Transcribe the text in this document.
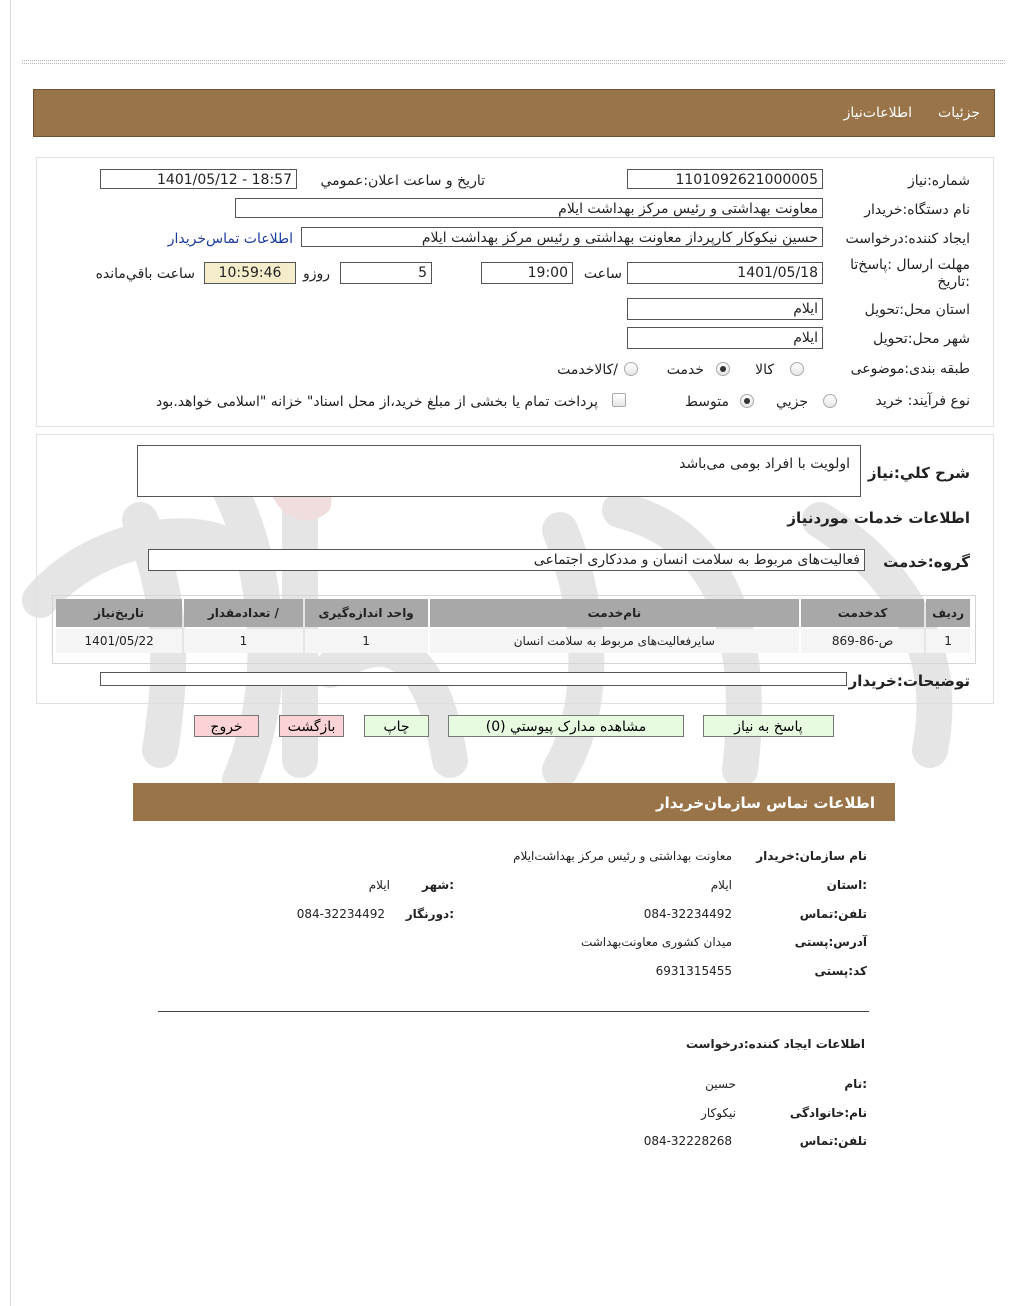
جزئیات
اطلاعات‌نیاز
شماره:نیاز
1101092621000005
تاریخ و ساعت اعلان:عمومي
1401/05/12 - 18:57
نام دستگاه:خريدار
معاونت بهداشتی و رئیس مرکز بهداشت ایلام
ايجاد کننده:درخواست
حسین نیکوکار کارپرداز معاونت بهداشتی و رئیس مرکز بهداشت ایلام
اطلاعات تماس‌خريدار
مهلت ارسال :پاسخ‌تا
:تاريخ
1401/05/18
ساعت
19:00
5
روزو
10:59:46
ساعت باقي‌مانده
استان محل:تحويل
ایلام
شهر محل:تحويل
ایلام
طبقه بندی:موضوعی
کالا
خدمت
/کالاخدمت
نوع فرآيند: خريد
جزيي
متوسط
پرداخت تمام یا بخشی از مبلغ خرید،از محل اسناد" خزانه "اسلامی خواهد.بود
شرح کلي:نياز
اولویت با افراد بومی می‌باشد
اطلاعات خدمات موردنياز
گروه:خدمت
فعالیت‌های مربوط به سلامت انسان و مددکاری اجتماعی
رديف	کدخدمت	نام‌خدمت	واحد اندازه‌گيری	/ تعدادمقدار	تاريخ‌نياز
1	ص-86-869	سایرفعالیت‌های مربوط به سلامت انسان	1	1	1401/05/22
توضيحات:خريدار
پاسخ به نياز
مشاهده مدارک پيوستي (0)
چاپ
بازگشت
خروج
اطلاعات تماس سازمان‌خريدار
نام سازمان:خریدار
معاونت بهداشتی و رئیس مرکز بهداشت‌ایلام
:استان
ایلام
:شهر
ایلام
تلفن:تماس
084-32234492
:دورنگار
084-32234492
آدرس:پستی
میدان کشوری معاونت‌بهداشت
کد:پستی
6931315455
اطلاعات ایجاد کننده:درخواست
:نام
حسین
نام:خانوادگی
نیکوکار
تلفن:تماس
084-32228268
